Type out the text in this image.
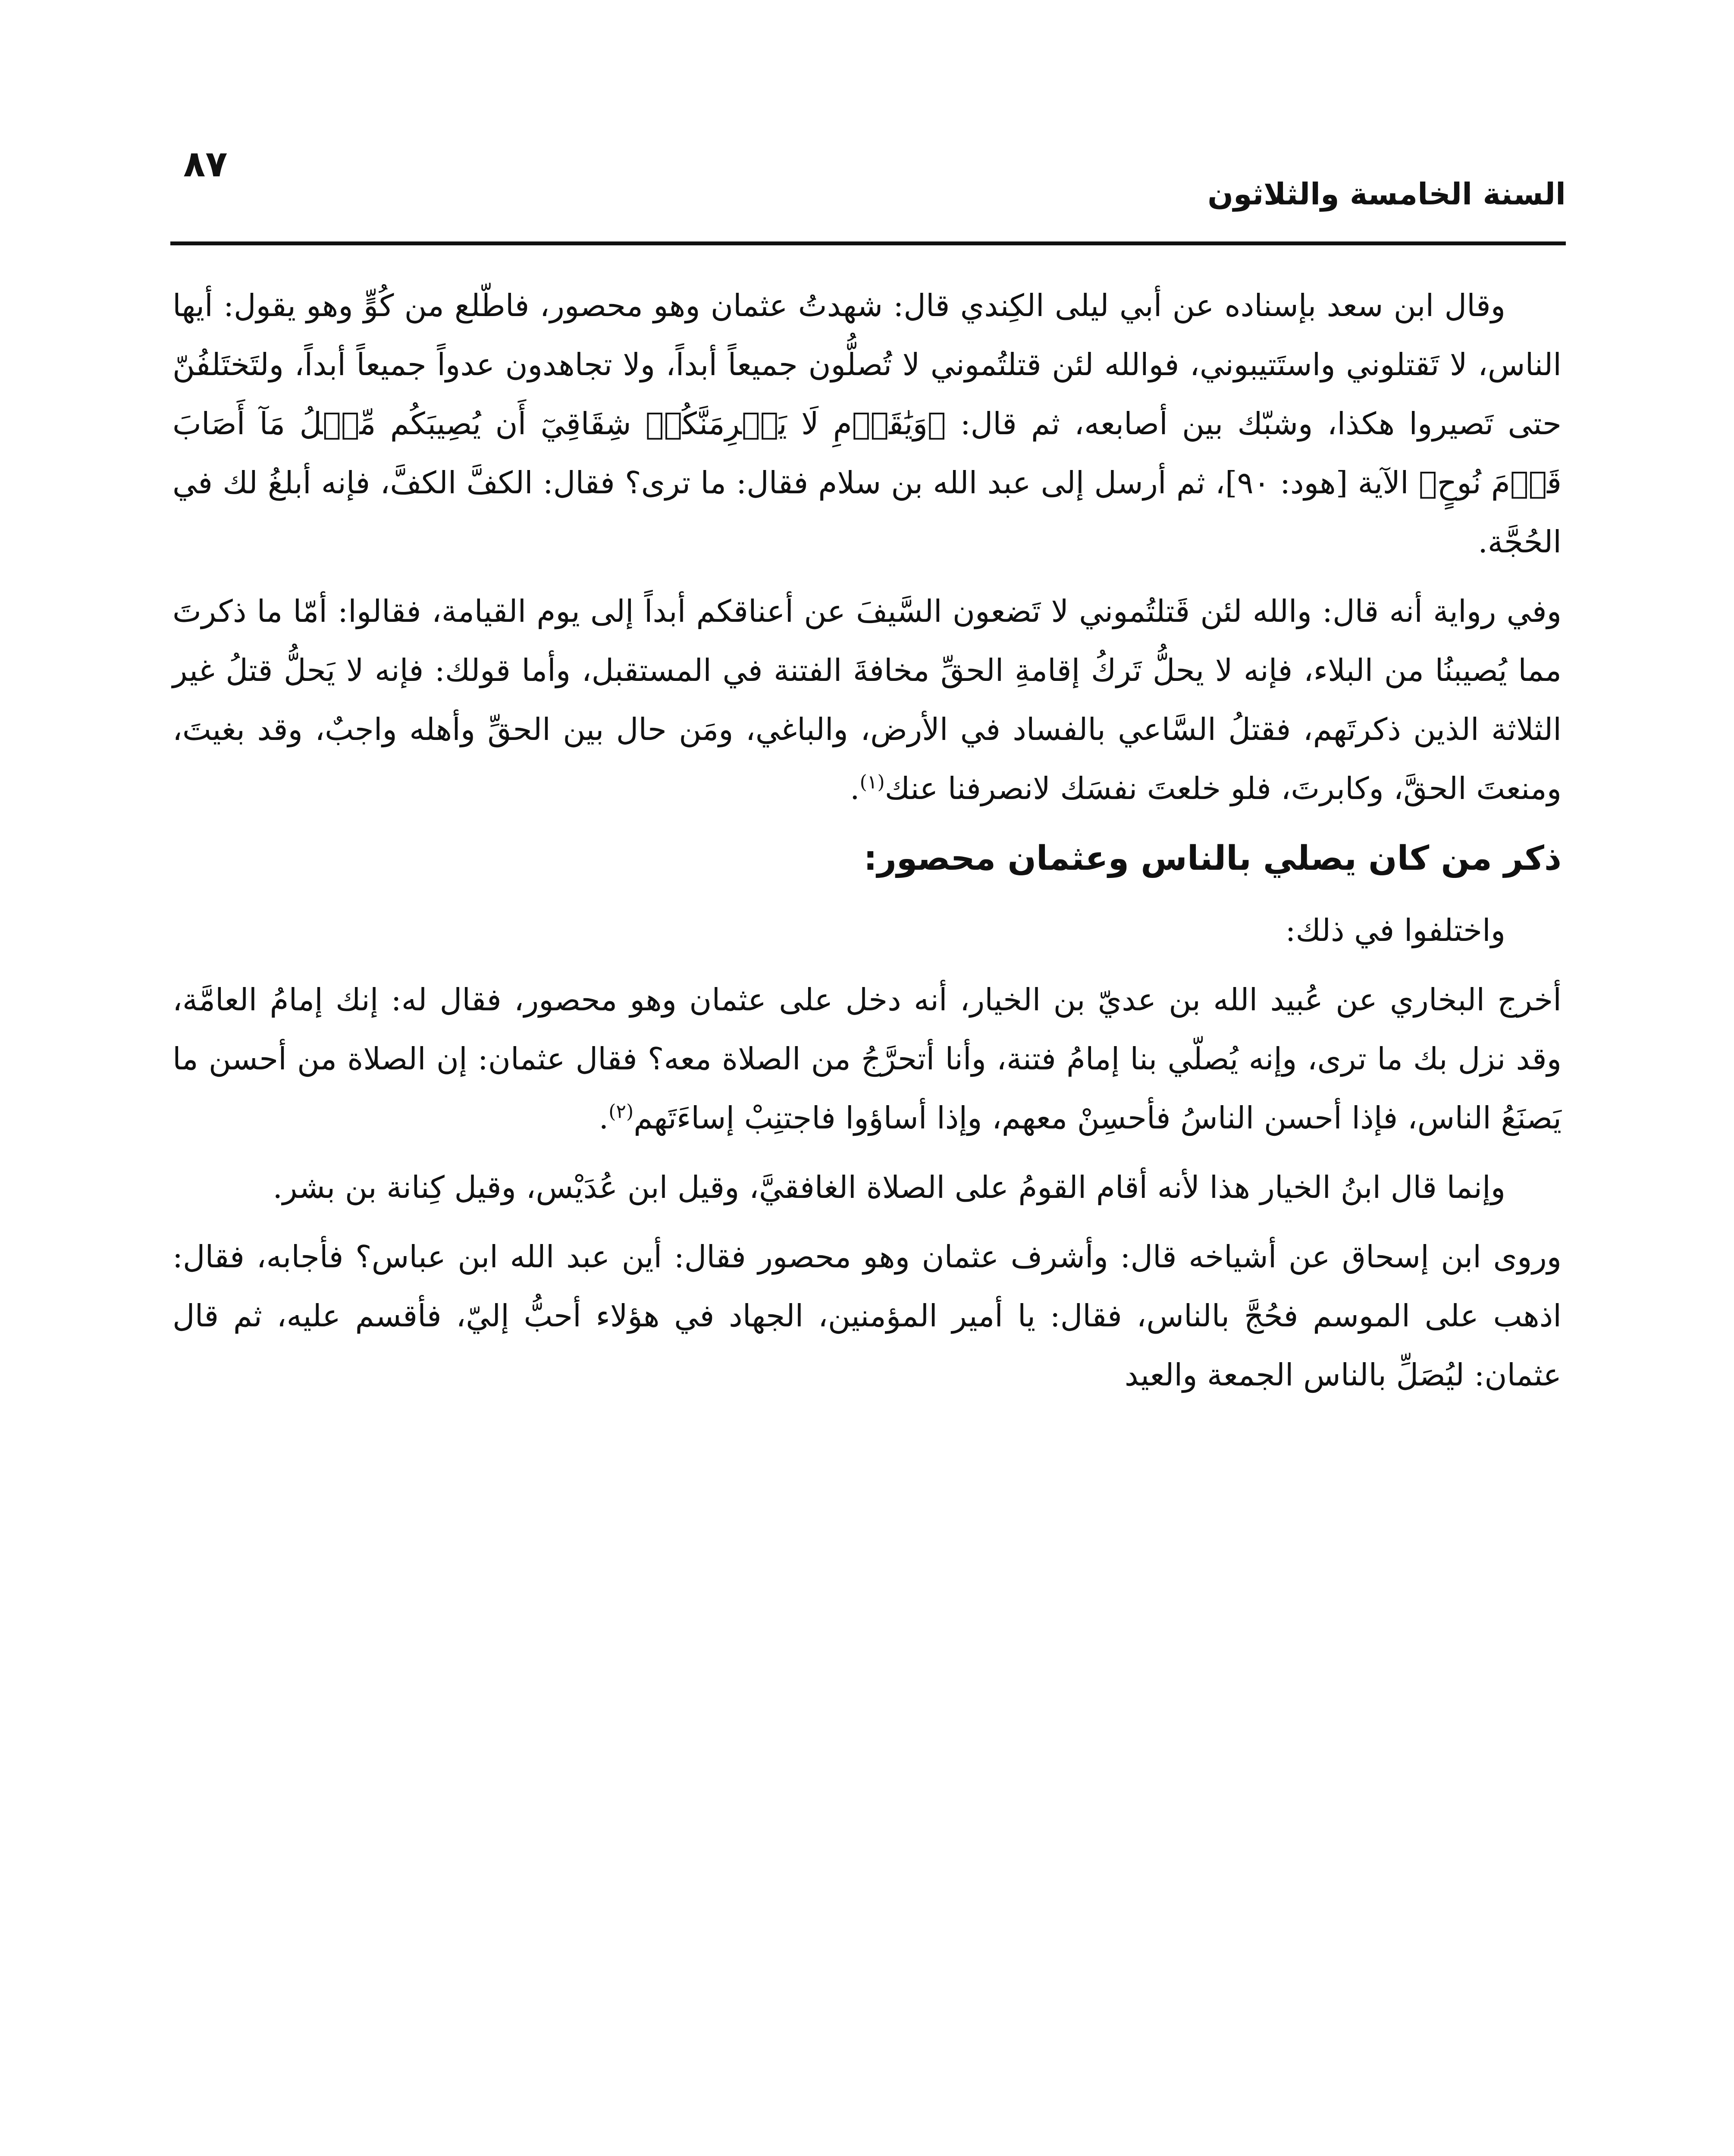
السنة الخامسة والثلاثون
٨٧

وقال ابن سعد بإسناده عن أبي ليلى الكِندي قال: شهدتُ عثمان وهو محصور، فاطّلع من كُوٍّ وهو يقول: أيها الناس، لا تَقتلوني واستَتيبوني، فوالله لئن قتلتُموني لا تُصلُّون جميعاً أبداً، ولا تجاهدون عدواً جميعاً أبداً، ولتَختَلفُنّ حتى تَصيروا هكذا، وشبّك بين أصابعه، ثم قال: ﴿وَيَٰقَوۡمِ لَا يَجۡرِمَنَّكُمۡ شِقَاقِيٓ أَن يُصِيبَكُم مِّثۡلُ مَآ أَصَابَ قَوۡمَ نُوحٍ﴾ الآية [هود: ٩٠]، ثم أرسل إلى عبد الله بن سلام فقال: ما ترى؟ فقال: الكفَّ الكفَّ، فإنه أبلغُ لك في الحُجَّة.

وفي رواية أنه قال: والله لئن قَتلتُموني لا تَضعون السَّيفَ عن أعناقكم أبداً إلى يوم القيامة، فقالوا: أمّا ما ذكرتَ مما يُصيبنُا من البلاء، فإنه لا يحلُّ تَركُ إقامةِ الحقِّ مخافةَ الفتنة في المستقبل، وأما قولك: فإنه لا يَحلُّ قتلُ غير الثلاثة الذين ذكرتَهم، فقتلُ السَّاعي بالفساد في الأرض، والباغي، ومَن حال بين الحقِّ وأهله واجبٌ، وقد بغيتَ، ومنعتَ الحقَّ، وكابرتَ، فلو خلعتَ نفسَك لانصرفنا عنك$^{(١)}$.

ذكر من كان يصلي بالناس وعثمان محصور:

واختلفوا في ذلك:

أخرج البخاري عن عُبيد الله بن عديّ بن الخيار، أنه دخل على عثمان وهو محصور، فقال له: إنك إمامُ العامَّة، وقد نزل بك ما ترى، وإنه يُصلّي بنا إمامُ فتنة، وأنا أتحرَّجُ من الصلاة معه؟ فقال عثمان: إن الصلاة من أحسن ما يَصنَعُ الناس، فإذا أحسن الناسُ فأحسِنْ معهم، وإذا أساؤوا فاجتنِبْ إساءَتَهم$^{(٢)}$.

وإنما قال ابنُ الخيار هذا لأنه أقام القومُ على الصلاة الغافقيَّ، وقيل ابن عُدَيْس، وقيل كِنانة بن بشر.

وروى ابن إسحاق عن أشياخه قال: وأشرف عثمان وهو محصور فقال: أين عبد الله ابن عباس؟ فأجابه، فقال: اذهب على الموسم فحُجَّ بالناس، فقال: يا أمير المؤمنين، الجهاد في هؤلاء أحبُّ إليّ، فأقسم عليه، ثم قال عثمان: ليُصَلِّ بالناس الجمعة والعيد
